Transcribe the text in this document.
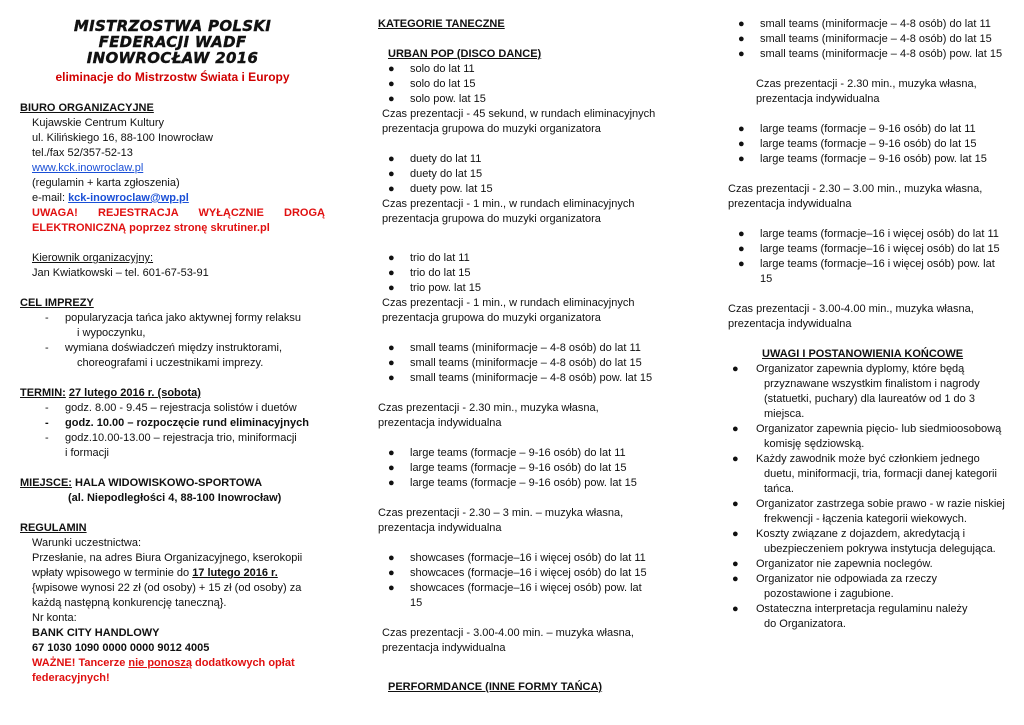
MISTRZOSTWA POLSKI
FEDERACJI WADF
INOWROCŁAW 2016
eliminacje do Mistrzostw Świata i Europy
BIURO ORGANIZACYJNE
Kujawskie Centrum Kultury
ul. Kilińskiego 16, 88-100 Inowrocław
tel./fax 52/357-52-13
www.kck.inowroclaw.pl
(regulamin + karta zgłoszenia)
e-mail: kck-inowroclaw@wp.pl
UWAGA! REJESTRACJA WYŁĄCZNIE DROGĄ
ELEKTRONICZNĄ poprzez stronę skrutiner.pl
Kierownik organizacyjny:
Jan Kwiatkowski – tel. 601-67-53-91
CEL IMPREZY
- popularyzacja tańca jako aktywnej formy relaksu
i wypoczynku,
- wymiana doświadczeń między instruktorami,
choreografami i uczestnikami imprezy.
TERMIN: 27 lutego 2016 r. (sobota)
- godz. 8.00 - 9.45 – rejestracja solistów i duetów
- godz. 10.00 – rozpoczęcie rund eliminacyjnych
- godz.10.00-13.00 – rejestracja trio, miniformacji
i formacji
MIEJSCE: HALA WIDOWISKOWO-SPORTOWA
(al. Niepodległości 4, 88-100 Inowrocław)
REGULAMIN
Warunki uczestnictwa:
Przesłanie, na adres Biura Organizacyjnego, kserokopii
wpłaty wpisowego w terminie do 17 lutego 2016 r.
{wpisowe wynosi 22 zł (od osoby) + 15 zł (od osoby) za
każdą następną konkurencję taneczną}.
Nr konta:
BANK CITY HANDLOWY
67 1030 1090 0000 0000 9012 4005
WAŻNE! Tancerze nie ponoszą dodatkowych opłat
federacyjnych!
KATEGORIE TANECZNE
URBAN POP (DISCO DANCE)
● solo do lat 11
● solo do lat 15
● solo pow. lat 15
Czas prezentacji - 45 sekund, w rundach eliminacyjnych
prezentacja grupowa do muzyki organizatora
● duety do lat 11
● duety do lat 15
● duety pow. lat 15
Czas prezentacji - 1 min., w rundach eliminacyjnych
prezentacja grupowa do muzyki organizatora
● trio do lat 11
● trio do lat 15
● trio pow. lat 15
Czas prezentacji - 1 min., w rundach eliminacyjnych
prezentacja grupowa do muzyki organizatora
● small teams (miniformacje – 4-8 osób) do lat 11
● small teams (miniformacje – 4-8 osób) do lat 15
● small teams (miniformacje – 4-8 osób) pow. lat 15
Czas prezentacji - 2.30 min., muzyka własna,
prezentacja indywidualna
● large teams (formacje – 9-16 osób) do lat 11
● large teams (formacje – 9-16 osób) do lat 15
● large teams (formacje – 9-16 osób) pow. lat 15
Czas prezentacji - 2.30 – 3 min. – muzyka własna,
prezentacja indywidualna
● showcases (formacje–16 i więcej osób) do lat 11
● showcaces (formacje–16 i więcej osób) do lat 15
● showcaces (formacje–16 i więcej osób) pow. lat
15
Czas prezentacji - 3.00-4.00 min. – muzyka własna,
prezentacja indywidualna
PERFORMDANCE (INNE FORMY TAŃCA)
● small teams (miniformacje – 4-8 osób) do lat 11
● small teams (miniformacje – 4-8 osób) do lat 15
● small teams (miniformacje – 4-8 osób) pow. lat 15
Czas prezentacji - 2.30 min., muzyka własna,
prezentacja indywidualna
● large teams (formacje – 9-16 osób) do lat 11
● large teams (formacje – 9-16 osób) do lat 15
● large teams (formacje – 9-16 osób) pow. lat 15
Czas prezentacji - 2.30 – 3.00 min., muzyka własna,
prezentacja indywidualna
● large teams (formacje–16 i więcej osób) do lat 11
● large teams (formacje–16 i więcej osób) do lat 15
● large teams (formacje–16 i więcej osób) pow. lat
15
Czas prezentacji - 3.00-4.00 min., muzyka własna,
prezentacja indywidualna
UWAGI I POSTANOWIENIA KOŃCOWE
● Organizator zapewnia dyplomy, które będą
przyznawane wszystkim finalistom i nagrody
(statuetki, puchary) dla laureatów od 1 do 3
miejsca.
● Organizator zapewnia pięcio- lub siedmioosobową
komisję sędziowską.
● Każdy zawodnik może być członkiem jednego
duetu, miniformacji, tria, formacji danej kategorii
tańca.
● Organizator zastrzega sobie prawo - w razie niskiej
frekwencji - łączenia kategorii wiekowych.
● Koszty związane z dojazdem, akredytacją i
ubezpieczeniem pokrywa instytucja delegująca.
● Organizator nie zapewnia noclegów.
● Organizator nie odpowiada za rzeczy
pozostawione i zagubione.
● Ostateczna interpretacja regulaminu należy
do Organizatora.
